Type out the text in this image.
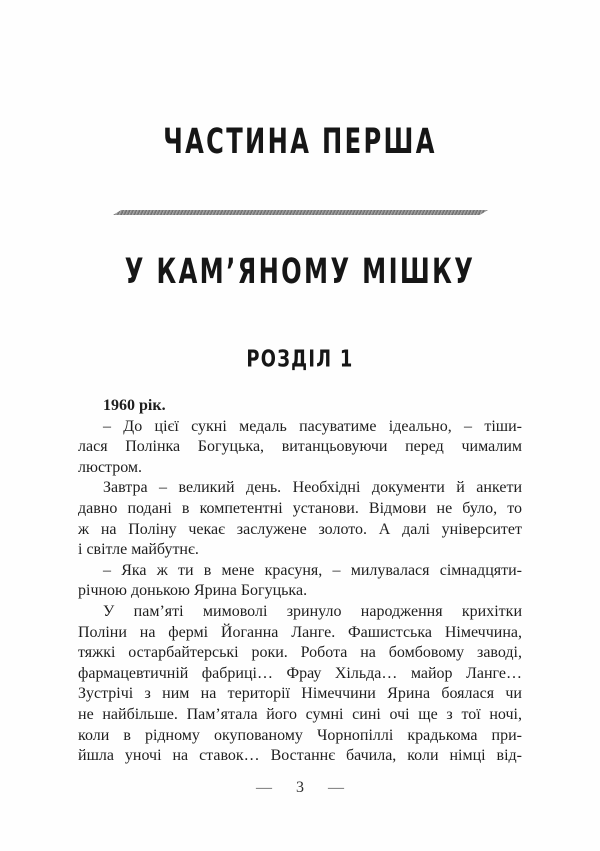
ЧАСТИНА ПЕРША
У КАМ’ЯНОМУ МІШКУ
РОЗДІЛ 1
1960 рік.
– До цієї сукні медаль пасуватиме ідеально, – тіши-
лася Полінка Богуцька, витанцьовуючи перед чималим
люстром.
Завтра – великий день. Необхідні документи й анкети
давно подані в компетентні установи. Відмови не було, то
ж на Поліну чекає заслужене золото. А далі університет
і світле майбутнє.
– Яка ж ти в мене красуня, – милувалася сімнадцяти-
річною донькою Ярина Богуцька.
У пам’яті мимоволі зринуло народження крихітки
Поліни на фермі Йоганна Ланге. Фашистська Німеччина,
тяжкі остарбайтерські роки. Робота на бомбовому заводі,
фармацевтичній фабриці… Фрау Хільда… майор Ланге…
Зустрічі з ним на території Німеччини Ярина боялася чи
не найбільше. Пам’ятала його сумні сині очі ще з тої ночі,
коли в рідному окупованому Чорнопіллі крадькома при-
йшла уночі на ставок… Востаннє бачила, коли німці від-
— 3 —
